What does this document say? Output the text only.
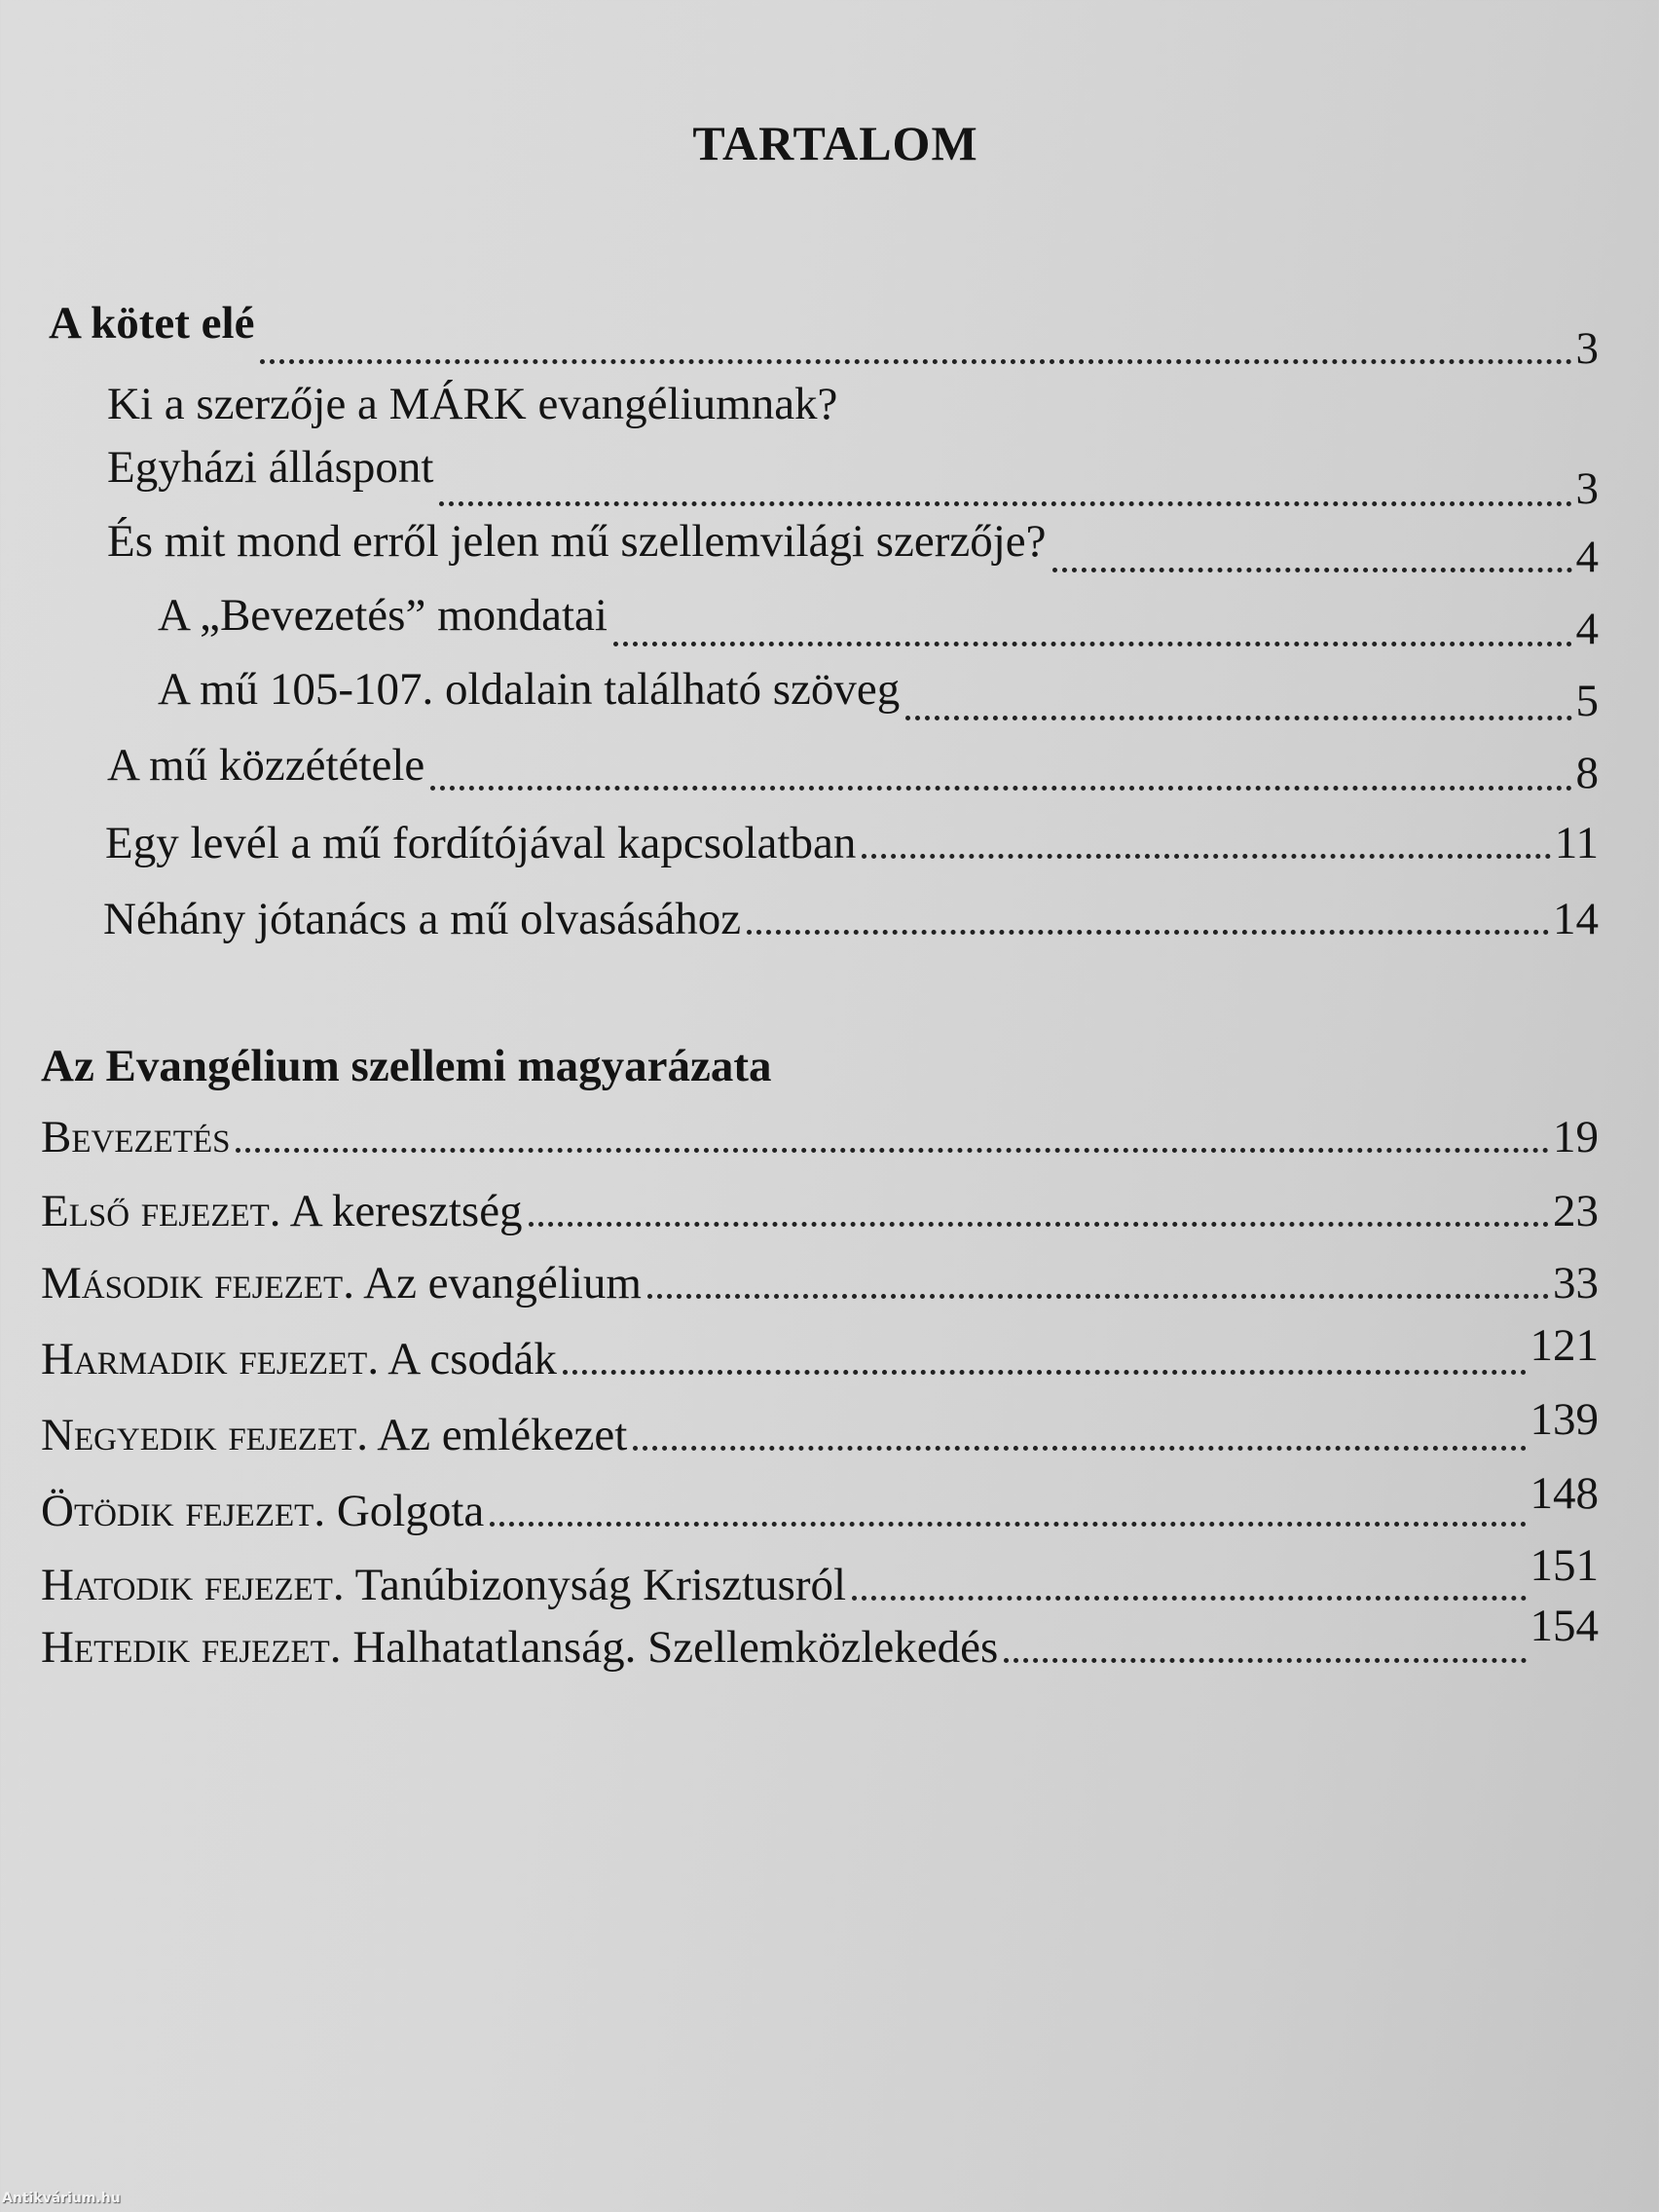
TARTALOM
A kötet elé	3
Ki a szerzője a MÁRK evangéliumnak?
Egyházi álláspont	3
És mit mond erről jelen mű szellemvilági szerzője?	4
A „Bevezetés” mondatai	4
A mű 105-107. oldalain található szöveg	5
A mű közzététele	8
Egy levél a mű fordítójával kapcsolatban	11
Néhány jótanács a mű olvasásához	14
Az Evangélium szellemi magyarázata
Bevezetés	19
Első fejezet. A keresztség	23
Második fejezet. Az evangélium	33
Harmadik fejezet. A csodák	121
Negyedik fejezet. Az emlékezet	139
Ötödik fejezet. Golgota	148
Hatodik fejezet. Tanúbizonyság Krisztusról	151
Hetedik fejezet. Halhatatlanság. Szellemközlekedés	154
Antikvárium.hu
